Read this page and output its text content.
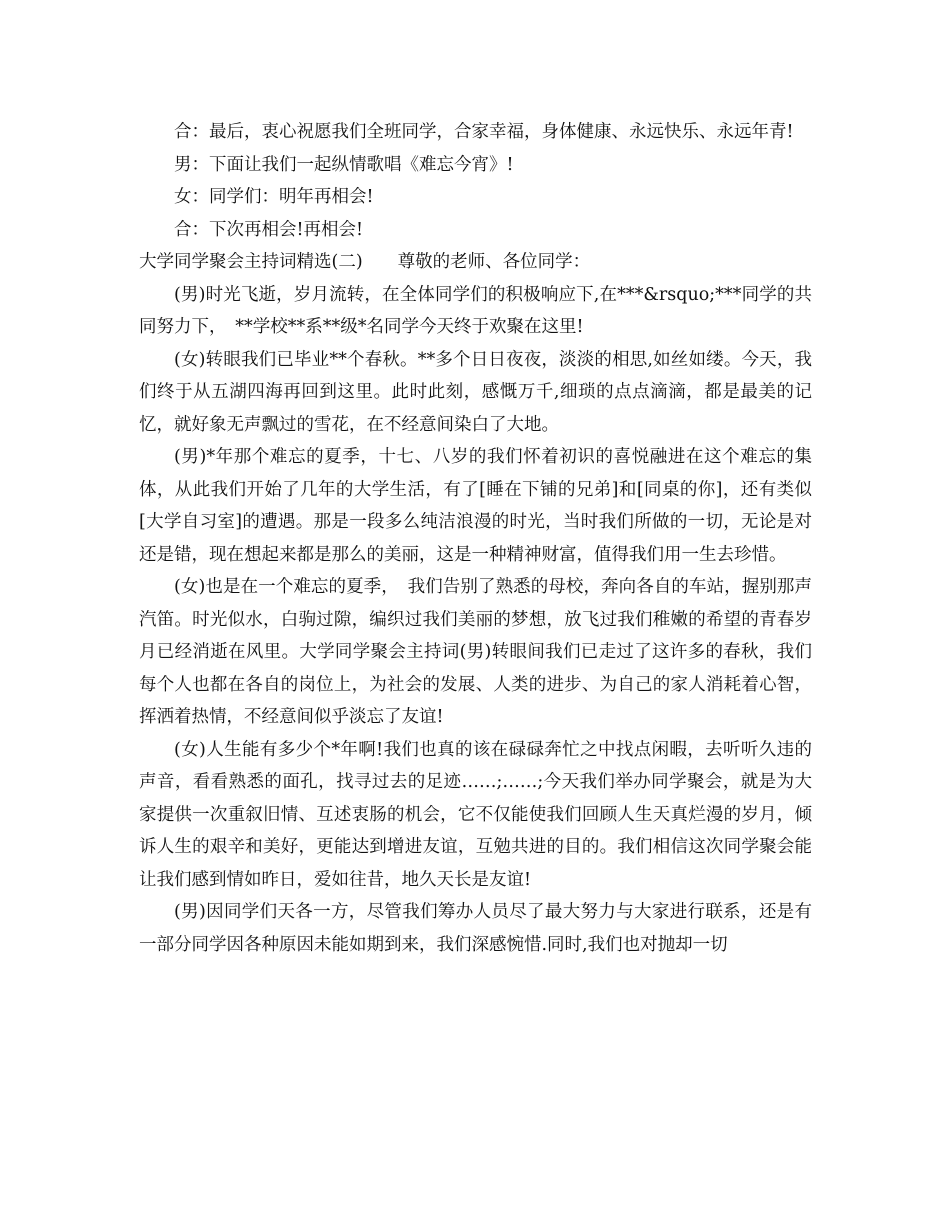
合：最后，衷心祝愿我们全班同学，合家幸福，身体健康、永远快乐、永远年青!

男：下面让我们一起纵情歌唱《难忘今宵》!

女：同学们：明年再相会!

合：下次再相会!再相会!

大学同学聚会主持词精选(二)　　尊敬的老师、各位同学：

(男)时光飞逝，岁月流转，在全体同学们的积极响应下,在***&rsquo;***同学的共同努力下，　**学校**系**级*名同学今天终于欢聚在这里!

(女)转眼我们已毕业**个春秋。**多个日日夜夜，淡淡的相思,如丝如缕。今天，我们终于从五湖四海再回到这里。此时此刻，感慨万千,细琐的点点滴滴，都是最美的记忆，就好象无声飘过的雪花，在不经意间染白了大地。

(男)*年那个难忘的夏季，十七、八岁的我们怀着初识的喜悦融进在这个难忘的集体，从此我们开始了几年的大学生活，有了[睡在下铺的兄弟]和[同桌的你]，还有类似[大学自习室]的遭遇。那是一段多么纯洁浪漫的时光，当时我们所做的一切，无论是对还是错，现在想起来都是那么的美丽，这是一种精神财富，值得我们用一生去珍惜。

(女)也是在一个难忘的夏季，　我们告别了熟悉的母校，奔向各自的车站，握别那声汽笛。时光似水，白驹过隙，编织过我们美丽的梦想，放飞过我们稚嫩的希望的青春岁月已经消逝在风里。大学同学聚会主持词(男)转眼间我们已走过了这许多的春秋，我们每个人也都在各自的岗位上，为社会的发展、人类的进步、为自己的家人消耗着心智，挥洒着热情，不经意间似乎淡忘了友谊!

(女)人生能有多少个*年啊!我们也真的该在碌碌奔忙之中找点闲暇，去听听久违的声音，看看熟悉的面孔，找寻过去的足迹……;……;今天我们举办同学聚会，就是为大家提供一次重叙旧情、互述衷肠的机会，它不仅能使我们回顾人生天真烂漫的岁月，倾诉人生的艰辛和美好，更能达到增进友谊，互勉共进的目的。我们相信这次同学聚会能让我们感到情如昨日，爱如往昔，地久天长是友谊!

(男)因同学们天各一方，尽管我们筹办人员尽了最大努力与大家进行联系，还是有一部分同学因各种原因未能如期到来，我们深感惋惜.同时,我们也对抛却一切
